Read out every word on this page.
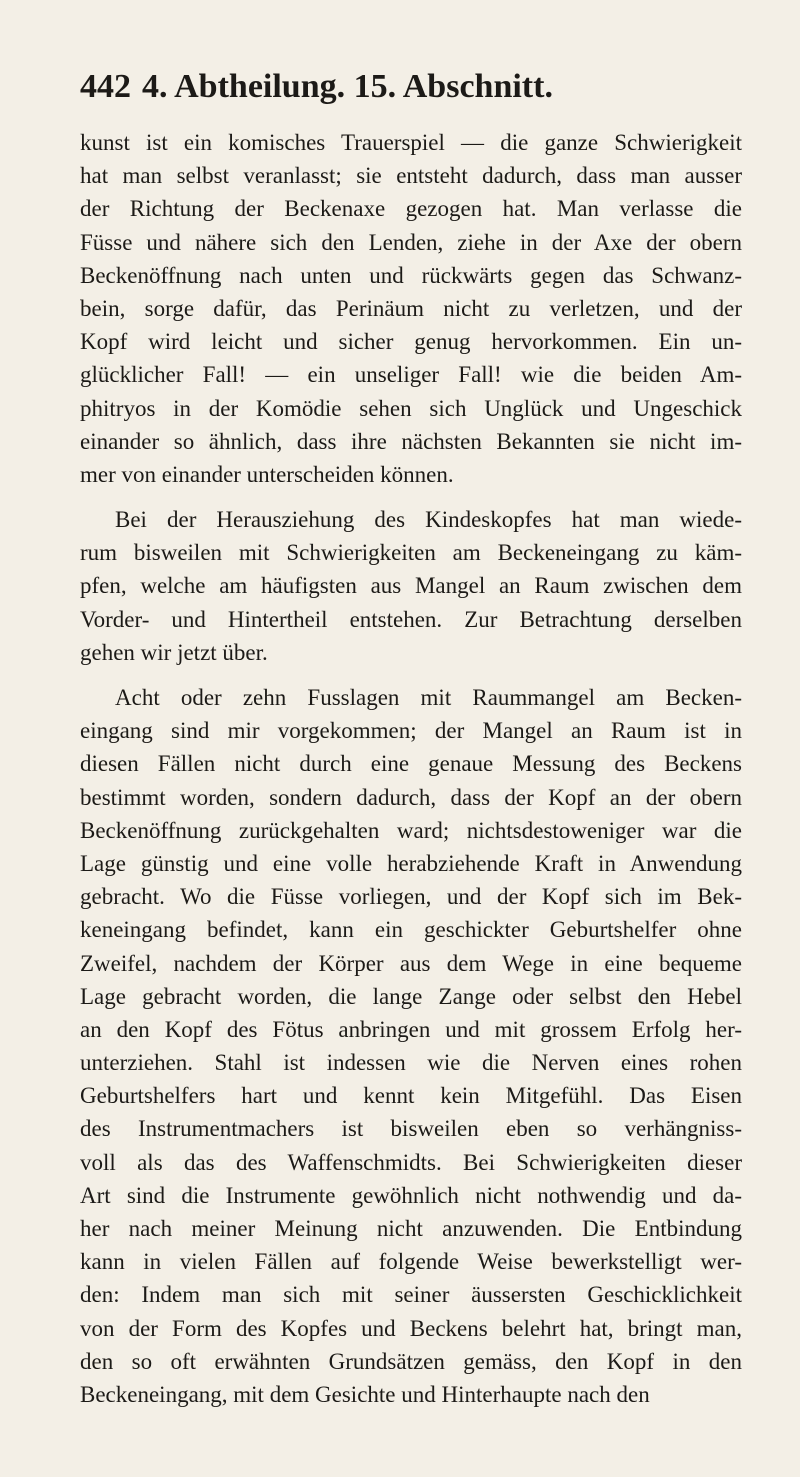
442 4. Abtheilung. 15. Abschnitt.
kunst ist ein komisches Trauerspiel — die ganze Schwierigkeit
hat man selbst veranlasst; sie entsteht dadurch, dass man ausser
der Richtung der Beckenaxe gezogen hat. Man verlasse die
Füsse und nähere sich den Lenden, ziehe in der Axe der obern
Beckenöffnung nach unten und rückwärts gegen das Schwanz-
bein, sorge dafür, das Perinäum nicht zu verletzen, und der
Kopf wird leicht und sicher genug hervorkommen. Ein un-
glücklicher Fall! — ein unseliger Fall! wie die beiden Am-
phitryos in der Komödie sehen sich Unglück und Ungeschick
einander so ähnlich, dass ihre nächsten Bekannten sie nicht im-
mer von einander unterscheiden können.
Bei der Herausziehung des Kindeskopfes hat man wiede-
rum bisweilen mit Schwierigkeiten am Beckeneingang zu käm-
pfen, welche am häufigsten aus Mangel an Raum zwischen dem
Vorder- und Hintertheil entstehen. Zur Betrachtung derselben
gehen wir jetzt über.
Acht oder zehn Fusslagen mit Raummangel am Becken-
eingang sind mir vorgekommen; der Mangel an Raum ist in
diesen Fällen nicht durch eine genaue Messung des Beckens
bestimmt worden, sondern dadurch, dass der Kopf an der obern
Beckenöffnung zurückgehalten ward; nichtsdestoweniger war die
Lage günstig und eine volle herabziehende Kraft in Anwendung
gebracht. Wo die Füsse vorliegen, und der Kopf sich im Bek-
keneingang befindet, kann ein geschickter Geburtshelfer ohne
Zweifel, nachdem der Körper aus dem Wege in eine bequeme
Lage gebracht worden, die lange Zange oder selbst den Hebel
an den Kopf des Fötus anbringen und mit grossem Erfolg her-
unterziehen. Stahl ist indessen wie die Nerven eines rohen
Geburtshelfers hart und kennt kein Mitgefühl. Das Eisen
des Instrumentmachers ist bisweilen eben so verhängniss-
voll als das des Waffenschmidts. Bei Schwierigkeiten dieser
Art sind die Instrumente gewöhnlich nicht nothwendig und da-
her nach meiner Meinung nicht anzuwenden. Die Entbindung
kann in vielen Fällen auf folgende Weise bewerkstelligt wer-
den: Indem man sich mit seiner äussersten Geschicklichkeit
von der Form des Kopfes und Beckens belehrt hat, bringt man,
den so oft erwähnten Grundsätzen gemäss, den Kopf in den
Beckeneingang, mit dem Gesichte und Hinterhaupte nach den
